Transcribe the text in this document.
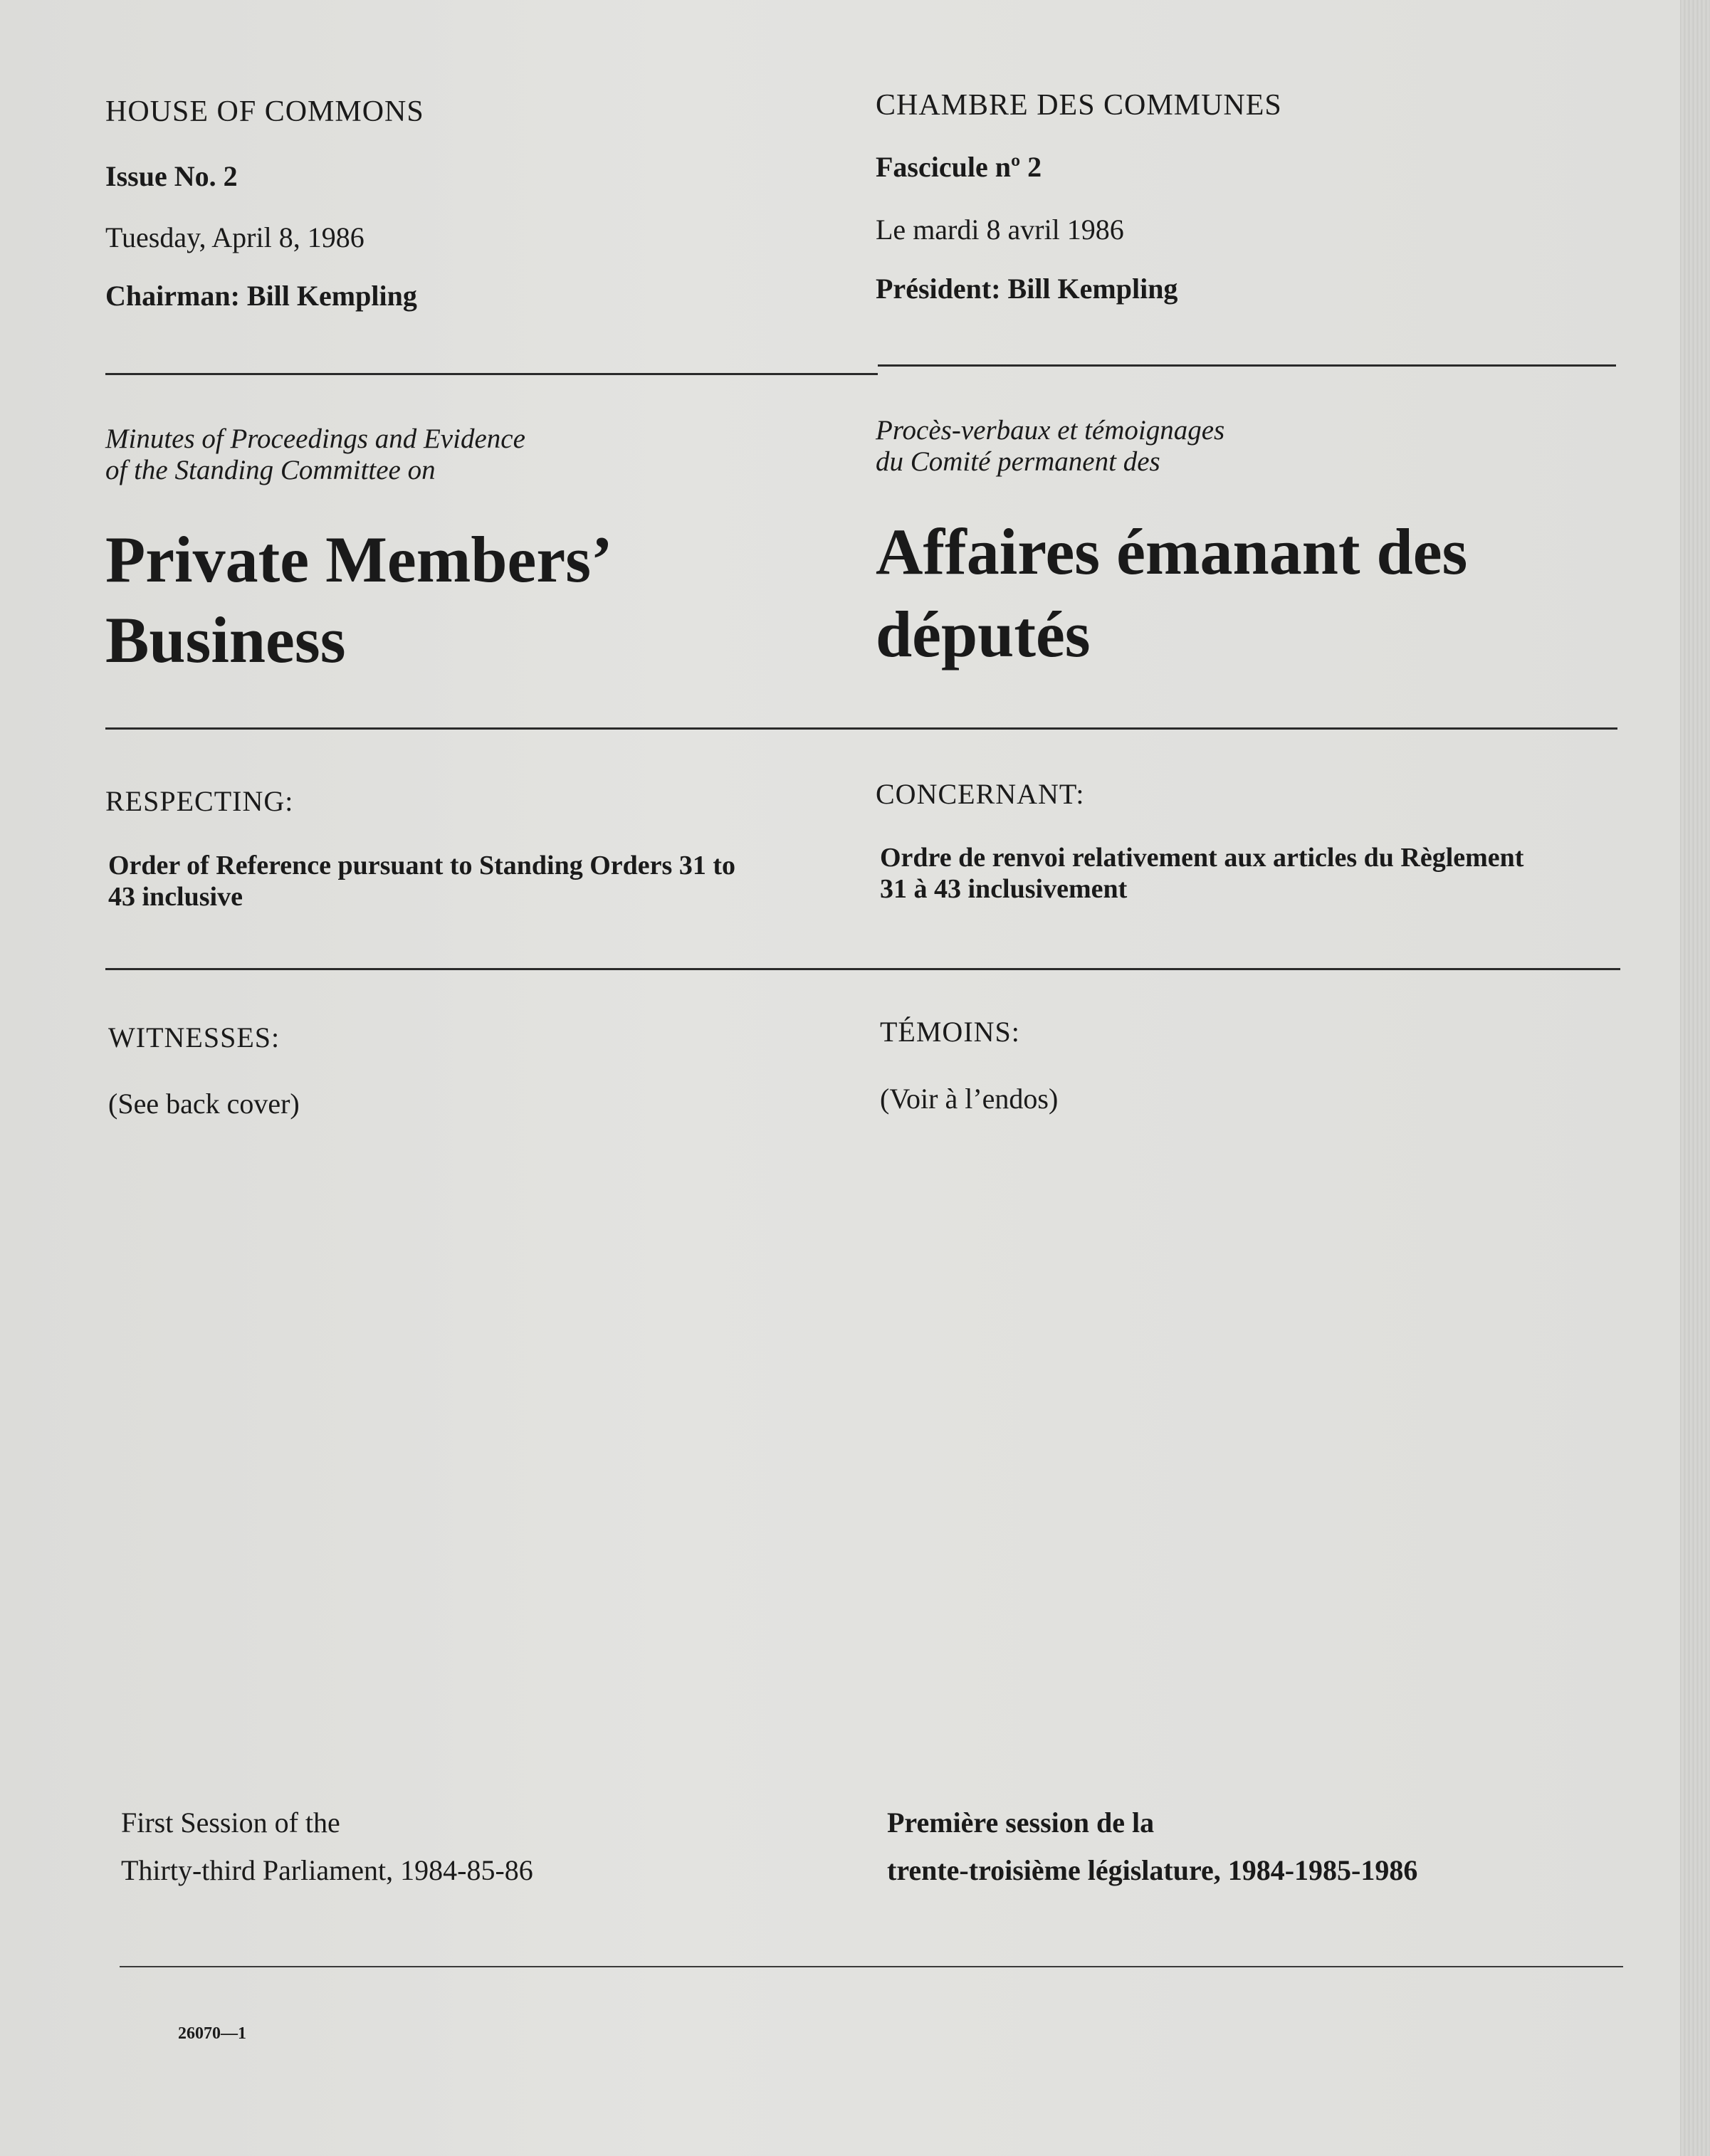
HOUSE OF COMMONS
Issue No. 2
Tuesday, April 8, 1986
Chairman: Bill Kempling
Minutes of Proceedings and Evidence
of the Standing Committee on
Private Members’
Business
RESPECTING:
Order of Reference pursuant to Standing Orders 31 to
43 inclusive
WITNESSES:
(See back cover)
First Session of the
Thirty-third Parliament, 1984-85-86
26070—1
CHAMBRE DES COMMUNES
Fascicule nº 2
Le mardi 8 avril 1986
Président: Bill Kempling
Procès-verbaux et témoignages
du Comité permanent des
Affaires émanant des
députés
CONCERNANT:
Ordre de renvoi relativement aux articles du Règlement
31 à 43 inclusivement
TÉMOINS:
(Voir à l’endos)
Première session de la
trente-troisième législature, 1984-1985-1986
